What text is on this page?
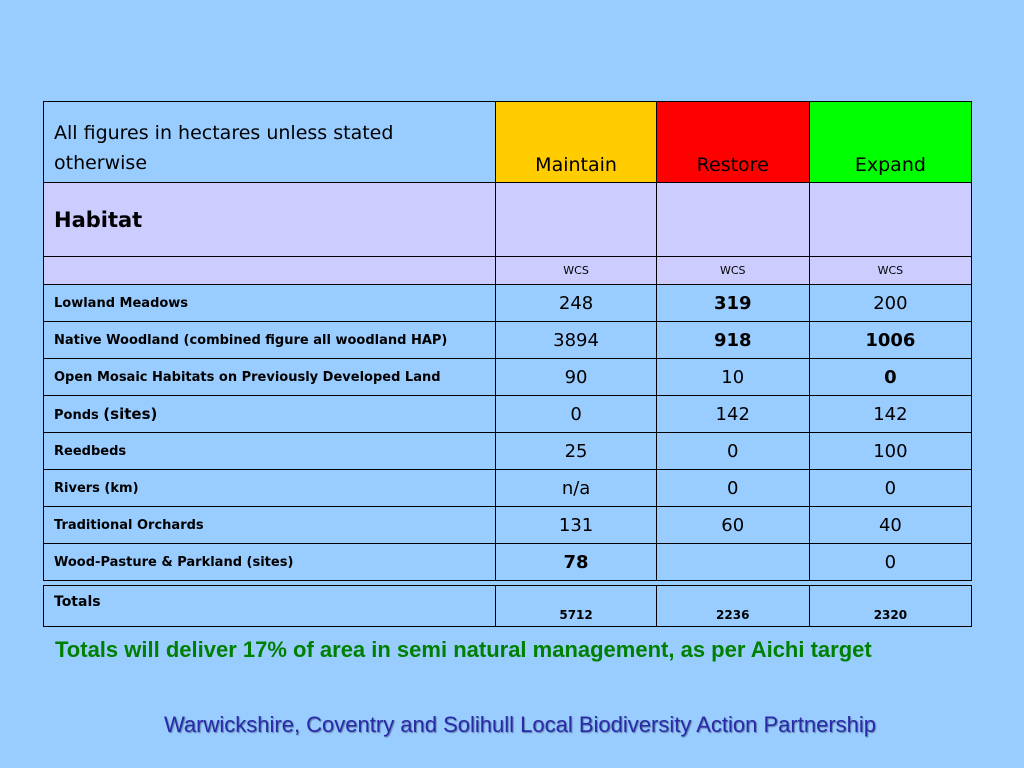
All figures in hectares unless stated otherwise	Maintain	Restore	Expand
Habitat			
	WCS	WCS	WCS
Lowland Meadows	248	319	200
Native Woodland (combined figure all woodland HAP)	3894	918	1006
Open Mosaic Habitats on Previously Developed Land	90	10	0
Ponds (sites)	0	142	142
Reedbeds	25	0	100
Rivers (km)	n/a	0	0
Traditional Orchards	131	60	40
Wood-Pasture & Parkland (sites)	78		0
Totals	5712	2236	2320
Totals will deliver 17% of area in semi natural management, as per Aichi target
Warwickshire, Coventry and Solihull Local Biodiversity Action Partnership
